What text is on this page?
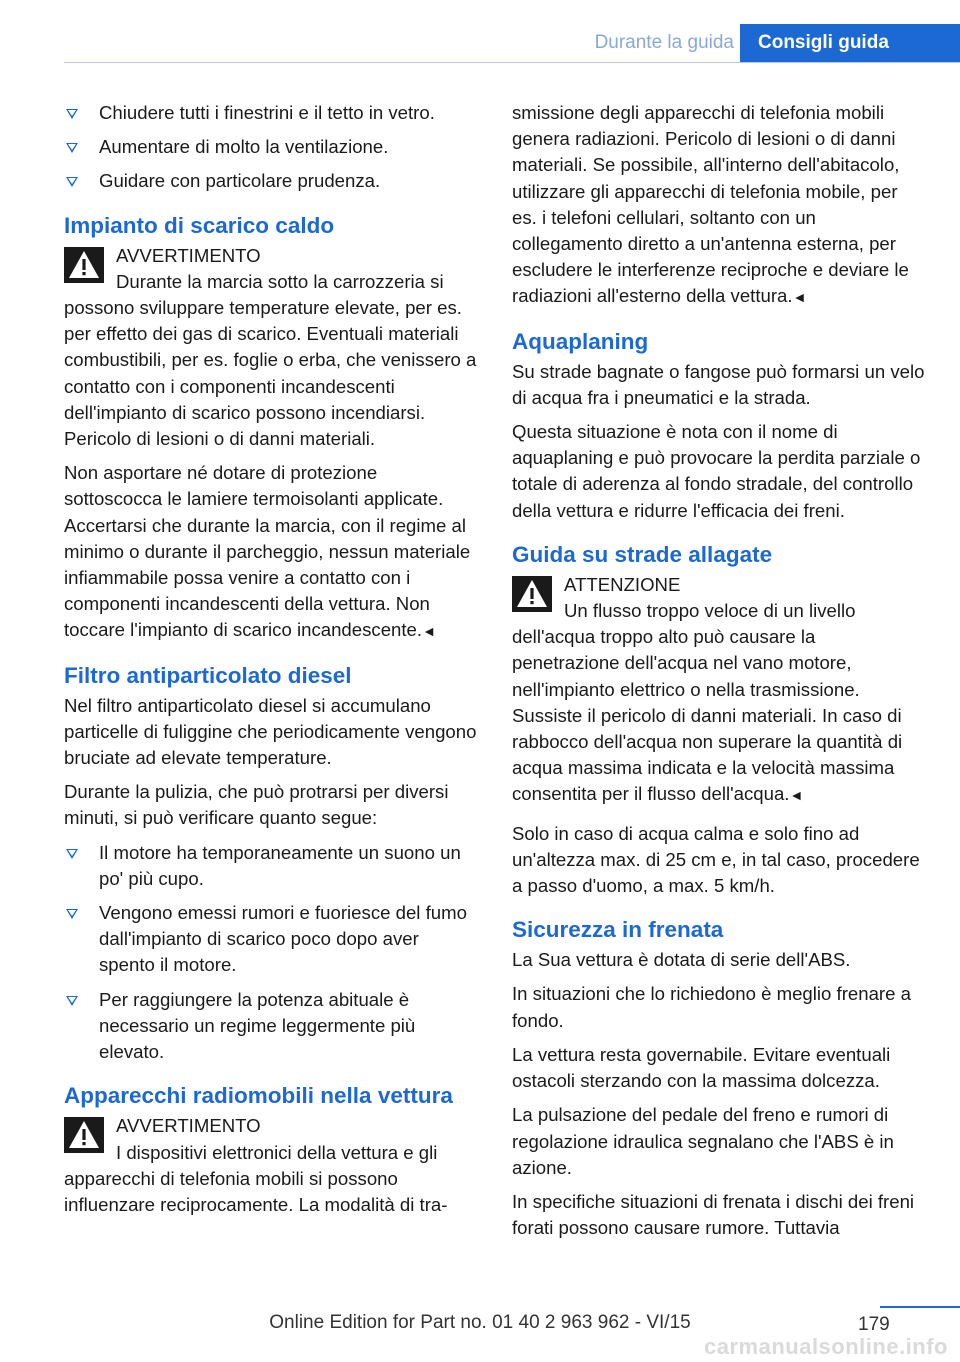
Durante la guida	Consigli guida
Chiudere tutti i finestrini e il tetto in vetro.
Aumentare di molto la ventilazione.
Guidare con particolare prudenza.
Impianto di scarico caldo
AVVERTIMENTO
Durante la marcia sotto la carrozzeria si possono sviluppare temperature elevate, per es. per effetto dei gas di scarico. Eventuali materiali combustibili, per es. foglie o erba, che venissero a contatto con i componenti incandescenti dell'impianto di scarico possono incendiarsi. Pericolo di lesioni o di danni materiali.

Non asportare né dotare di protezione sottoscocca le lamiere termoisolanti applicate. Accertarsi che durante la marcia, con il regime al minimo o durante il parcheggio, nessun materiale infiammabile possa venire a contatto con i componenti incandescenti della vettura. Non toccare l'impianto di scarico incandescente.◄

Filtro antiparticolato diesel

Nel filtro antiparticolato diesel si accumulano particelle di fuliggine che periodicamente vengono bruciate ad elevate temperature.

Durante la pulizia, che può protrarsi per diversi minuti, si può verificare quanto segue:

Il motore ha temporaneamente un suono un po' più cupo.
Vengono emessi rumori e fuoriesce del fumo dall'impianto di scarico poco dopo aver spento il motore.
Per raggiungere la potenza abituale è necessario un regime leggermente più elevato.
Apparecchi radiomobili nella vettura
AVVERTIMENTO
I dispositivi elettronici della vettura e gli apparecchi di telefonia mobili si possono influenzare reciprocamente. La modalità di tra-

smissione degli apparecchi di telefonia mobili genera radiazioni. Pericolo di lesioni o di danni materiali. Se possibile, all'interno dell'abitacolo, utilizzare gli apparecchi di telefonia mobile, per es. i telefoni cellulari, soltanto con un collegamento diretto a un'antenna esterna, per escludere le interferenze reciproche e deviare le radiazioni all'esterno della vettura.◄

Aquaplaning

Su strade bagnate o fangose può formarsi un velo di acqua fra i pneumatici e la strada.

Questa situazione è nota con il nome di aquaplaning e può provocare la perdita parziale o totale di aderenza al fondo stradale, del controllo della vettura e ridurre l'efficacia dei freni.

Guida su strade allagate
ATTENZIONE
Un flusso troppo veloce di un livello dell'acqua troppo alto può causare la penetrazione dell'acqua nel vano motore, nell'impianto elettrico o nella trasmissione. Sussiste il pericolo di danni materiali. In caso di rabbocco dell'acqua non superare la quantità di acqua massima indicata e la velocità massima consentita per il flusso dell'acqua.◄

Solo in caso di acqua calma e solo fino ad un'altezza max. di 25 cm e, in tal caso, procedere a passo d'uomo, a max. 5 km/h.

Sicurezza in frenata

La Sua vettura è dotata di serie dell'ABS.

In situazioni che lo richiedono è meglio frenare a fondo.

La vettura resta governabile. Evitare eventuali ostacoli sterzando con la massima dolcezza.

La pulsazione del pedale del freno e rumori di regolazione idraulica segnalano che l'ABS è in azione.

In specifiche situazioni di frenata i dischi dei freni forati possono causare rumore. Tuttavia

179
Online Edition for Part no. 01 40 2 963 962 - VI/15
carmanualsonline.info
